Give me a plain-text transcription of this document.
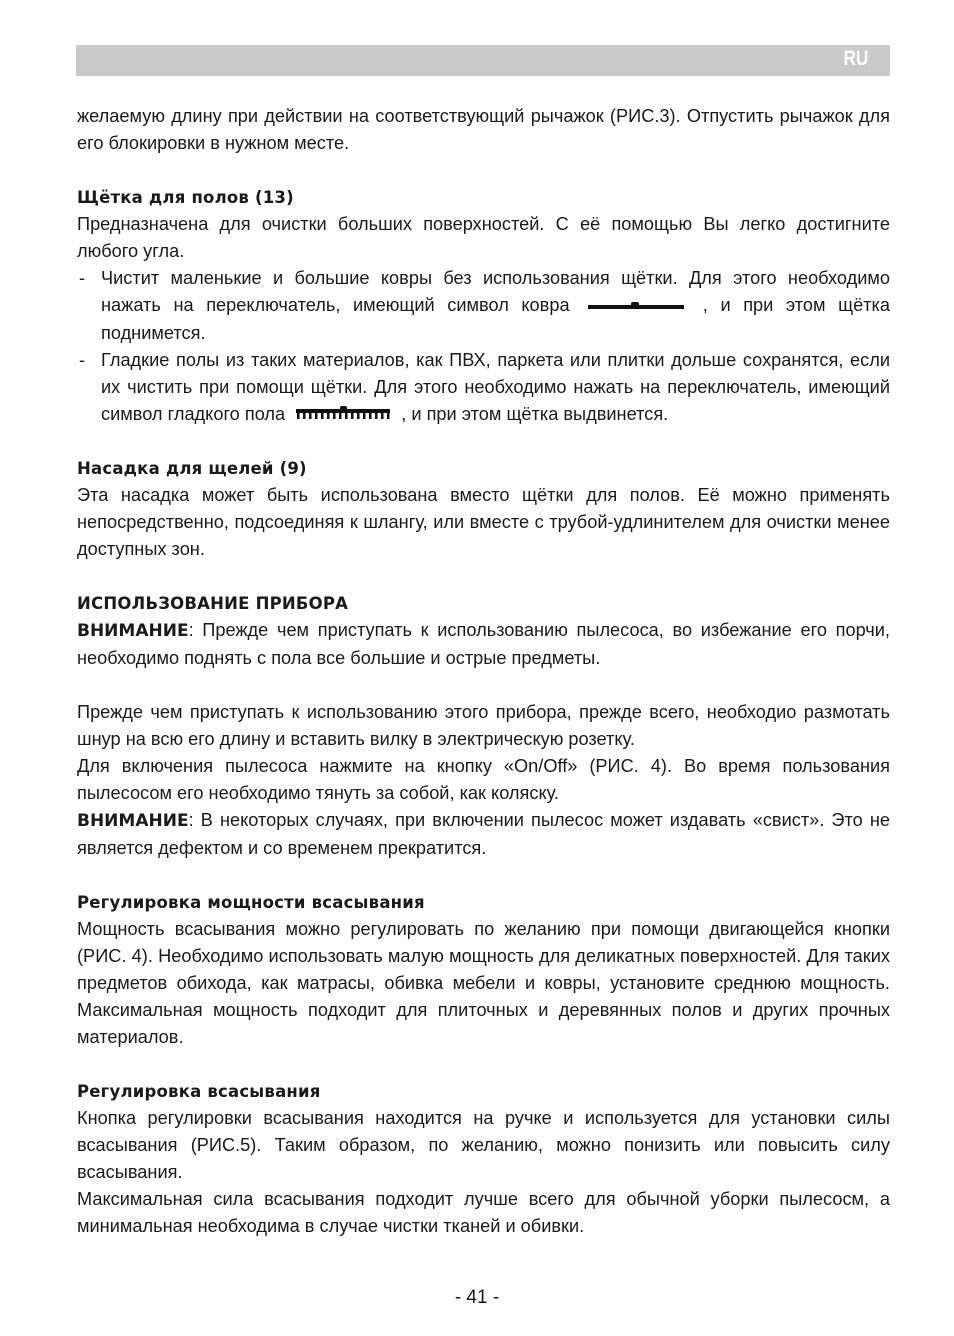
RU

желаемую длину при действии на соответствующий рычажок (РИС.3). Отпустить рычажок для его блокировки в нужном месте.

Щётка для полов (13)

Предназначена для очистки больших поверхностей. С её помощью Вы легко достигните любого угла.

- Чистит маленькие и большие ковры без использования щётки. Для этого необходимо нажать на переключатель, имеющий символ ковра	, и при этом щётка поднимется.
- Гладкие полы из таких материалов, как ПВХ, паркета или плитки дольше сохранятся, если их чистить при помощи щётки. Для этого необходимо нажать на переключатель, имеющий символ гладкого пола	, и при этом щётка выдвинется.
Насадка для щелей (9)

Эта насадка может быть использована вместо щётки для полов. Её можно применять непосредственно, подсоединяя к шлангу, или вместе с трубой-удлинителем для очистки менее доступных зон.

ИСПОЛЬЗОВАНИЕ ПРИБОРА

ВНИМАНИЕ: Прежде чем приступать к использованию пылесоса, во избежание его порчи, необходимо поднять с пола все большие и острые предметы.

Прежде чем приступать к использованию этого прибора, прежде всего, необходио размотать шнур на всю его длину и вставить вилку в электрическую розетку.

Для включения пылесоса нажмите на кнопку «On/Off» (РИС. 4). Во время пользования пылесосом его необходимо тянуть за собой, как коляску.

ВНИМАНИЕ: В некоторых случаях, при включении пылесос может издавать «свист». Это не является дефектом и со временем прекратится.

Регулировка мощности всасывания

Мощность всасывания можно регулировать по желанию при помощи двигающейся кнопки (РИС. 4). Необходимо использовать малую мощность для деликатных поверхностей. Для таких предметов обихода, как матрасы, обивка мебели и ковры, установите среднюю мощность. Максимальная мощность подходит для плиточных и деревянных полов и других прочных материалов.

Регулировка всасывания

Кнопка регулировки всасывания находится на ручке и используется для установки силы всасывания (РИС.5). Таким образом, по желанию, можно понизить или повысить силу всасывания.

Максимальная сила всасывания подходит лучше всего для обычной уборки пылесосм, а минимальная необходима в случае чистки тканей и обивки.

- 41 -
